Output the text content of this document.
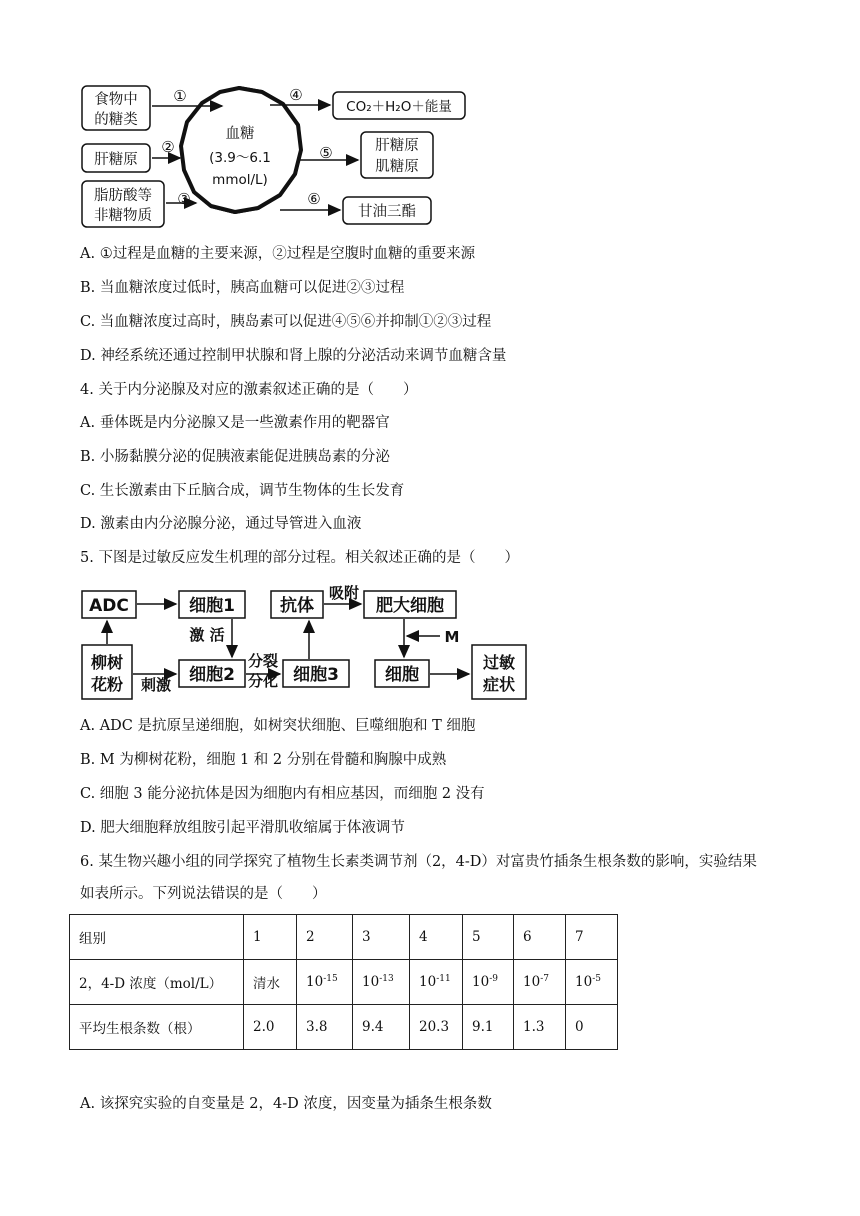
食物中
的糖类
肝糖原
脂肪酸等
非糖物质
血糖
(3.9～6.1
mmol/L)
①
②
③
④
⑤
⑥
CO₂＋H₂O＋能量
肝糖原
肌糖原
甘油三酯
A. ①过程是血糖的主要来源，②过程是空腹时血糖的重要来源
B. 当血糖浓度过低时，胰高血糖可以促进②③过程
C. 当血糖浓度过高时，胰岛素可以促进④⑤⑥并抑制①②③过程
D. 神经系统还通过控制甲状腺和肾上腺的分泌活动来调节血糖含量
4. 关于内分泌腺及对应的激素叙述正确的是（　　）
A. 垂体既是内分泌腺又是一些激素作用的靶器官
B. 小肠黏膜分泌的促胰液素能促进胰岛素的分泌
C. 生长激素由下丘脑合成，调节生物体的生长发育
D. 激素由内分泌腺分泌，通过导管进入血液
5. 下图是过敏反应发生机理的部分过程。相关叙述正确的是（　　）
ADC	细胞1	抗体
吸附
肥大细胞
柳树
花粉 刺激 细胞2
分裂
分化 细胞3	细胞
过敏
症状
激 活	M
A. ADC 是抗原呈递细胞，如树突状细胞、巨噬细胞和 T 细胞
B. M 为柳树花粉，细胞 1 和 2 分别在骨髓和胸腺中成熟
C. 细胞 3 能分泌抗体是因为细胞内有相应基因，而细胞 2 没有
D. 肥大细胞释放组胺引起平滑肌收缩属于体液调节
6. 某生物兴趣小组的同学探究了植物生长素类调节剂（2，4-D）对富贵竹插条生根条数的影响，实验结果
如表所示。下列说法错误的是（　　）
组别	1	2	3	4	5	6	7
2，4-D 浓度（mol/L）	清水	$10^{-15}$	$10^{-13}$	$10^{-11}$	$10^{-9}$	$10^{-7}$	$10^{-5}$
平均生根条数（根）	2.0	3.8	9.4	20.3	9.1	1.3	0
A. 该探究实验的自变量是 2，4-D 浓度，因变量为插条生根条数
